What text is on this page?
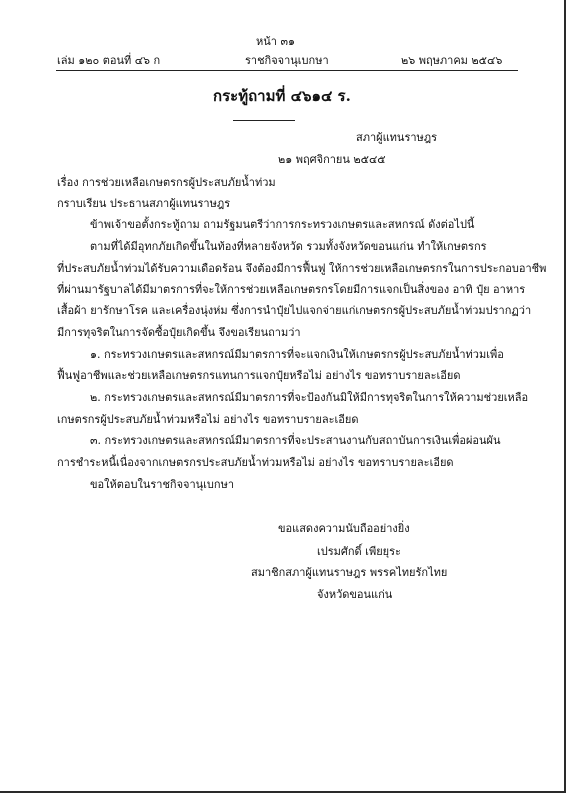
หน้า ๓๑
เล่ม ๑๒๐ ตอนที่ ๔๖ ก	ราชกิจจานุเบกษา	๒๖ พฤษภาคม ๒๕๔๖
กระทู้ถามที่ ๔๖๑๔ ร.
สภาผู้แทนราษฎร
๒๑ พฤศจิกายน ๒๕๔๕
เรื่อง การช่วยเหลือเกษตรกรผู้ประสบภัยน้ำท่วม
กราบเรียน ประธานสภาผู้แทนราษฎร
ข้าพเจ้าขอตั้งกระทู้ถาม ถามรัฐมนตรีว่าการกระทรวงเกษตรและสหกรณ์ ดังต่อไปนี้
ตามที่ได้มีอุทกภัยเกิดขึ้นในท้องที่หลายจังหวัด รวมทั้งจังหวัดขอนแก่น ทำให้เกษตรกร
ที่ประสบภัยน้ำท่วมได้รับความเดือดร้อน จึงต้องมีการฟื้นฟู ให้การช่วยเหลือเกษตรกรในการประกอบอาชีพ
ที่ผ่านมารัฐบาลได้มีมาตรการที่จะให้การช่วยเหลือเกษตรกรโดยมีการแจกเป็นสิ่งของ อาทิ ปุ๋ย อาหาร
เสื้อผ้า ยารักษาโรค และเครื่องนุ่งห่ม ซึ่งการนำปุ๋ยไปแจกจ่ายแก่เกษตรกรผู้ประสบภัยน้ำท่วมปรากฏว่า
มีการทุจริตในการจัดซื้อปุ๋ยเกิดขึ้น จึงขอเรียนถามว่า
๑. กระทรวงเกษตรและสหกรณ์มีมาตรการที่จะแจกเงินให้เกษตรกรผู้ประสบภัยน้ำท่วมเพื่อ
ฟื้นฟูอาชีพและช่วยเหลือเกษตรกรแทนการแจกปุ๋ยหรือไม่ อย่างไร ขอทราบรายละเอียด
๒. กระทรวงเกษตรและสหกรณ์มีมาตรการที่จะป้องกันมิให้มีการทุจริตในการให้ความช่วยเหลือ
เกษตรกรผู้ประสบภัยน้ำท่วมหรือไม่ อย่างไร ขอทราบรายละเอียด
๓. กระทรวงเกษตรและสหกรณ์มีมาตรการที่จะประสานงานกับสถาบันการเงินเพื่อผ่อนผัน
การชำระหนี้เนื่องจากเกษตรกรประสบภัยน้ำท่วมหรือไม่ อย่างไร ขอทราบรายละเอียด
ขอให้ตอบในราชกิจจานุเบกษา
ขอแสดงความนับถืออย่างยิ่ง
เปรมศักดิ์ เพียยุระ
สมาชิกสภาผู้แทนราษฎร พรรคไทยรักไทย
จังหวัดขอนแก่น
